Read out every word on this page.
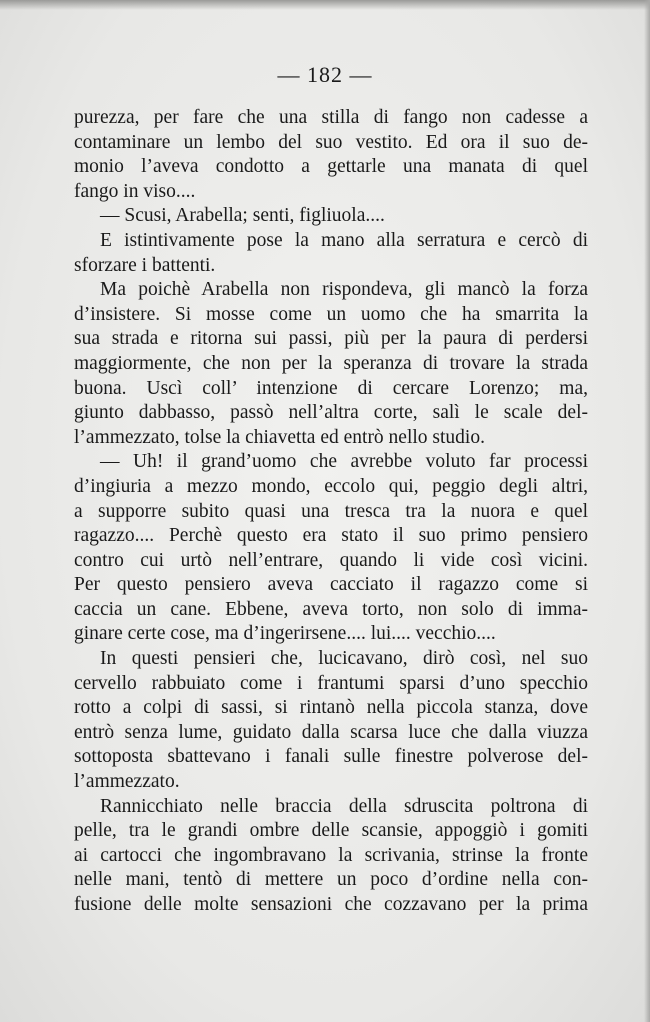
— 182 —
purezza, per fare che una stilla di fango non cadesse a
contaminare un lembo del suo vestito. Ed ora il suo de-
monio l’aveva condotto a gettarle una manata di quel
fango in viso....
— Scusi, Arabella; senti, figliuola....
E istintivamente pose la mano alla serratura e cercò di
sforzare i battenti.
Ma poichè Arabella non rispondeva, gli mancò la forza
d’insistere. Si mosse come un uomo che ha smarrita la
sua strada e ritorna sui passi, più per la paura di perdersi
maggiormente, che non per la speranza di trovare la strada
buona. Uscì coll’ intenzione di cercare Lorenzo; ma,
giunto dabbasso, passò nell’altra corte, salì le scale del-
l’ammezzato, tolse la chiavetta ed entrò nello studio.
— Uh! il grand’uomo che avrebbe voluto far processi
d’ingiuria a mezzo mondo, eccolo qui, peggio degli altri,
a supporre subito quasi una tresca tra la nuora e quel
ragazzo.... Perchè questo era stato il suo primo pensiero
contro cui urtò nell’entrare, quando li vide così vicini.
Per questo pensiero aveva cacciato il ragazzo come si
caccia un cane. Ebbene, aveva torto, non solo di imma-
ginare certe cose, ma d’ingerirsene.... lui.... vecchio....
In questi pensieri che, lucicavano, dirò così, nel suo
cervello rabbuiato come i frantumi sparsi d’uno specchio
rotto a colpi di sassi, si rintanò nella piccola stanza, dove
entrò senza lume, guidato dalla scarsa luce che dalla viuzza
sottoposta sbattevano i fanali sulle finestre polverose del-
l’ammezzato.
Rannicchiato nelle braccia della sdruscita poltrona di
pelle, tra le grandi ombre delle scansie, appoggiò i gomiti
ai cartocci che ingombravano la scrivania, strinse la fronte
nelle mani, tentò di mettere un poco d’ordine nella con-
fusione delle molte sensazioni che cozzavano per la prima
